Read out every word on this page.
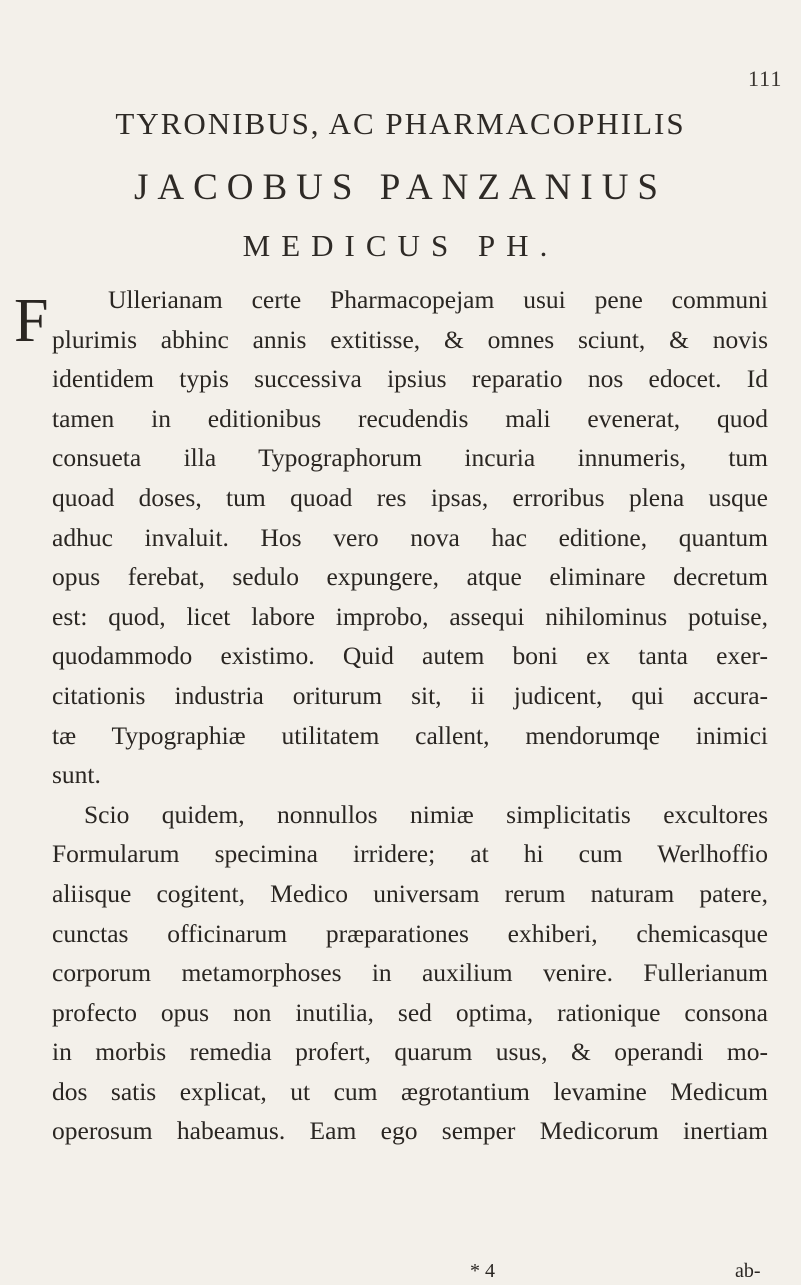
111
TYRONIBUS, AC PHARMACOPHILIS
JACOBUS PANZANIUS
MEDICUS PH.
F	Ullerianam certe Pharmacopejam usui pene communi
plurimis abhinc annis extitisse, & omnes sciunt, & novis
identidem typis successiva ipsius reparatio nos edocet. Id
tamen in editionibus recudendis mali evenerat, quod
consueta illa Typographorum incuria innumeris, tum
quoad doses, tum quoad res ipsas, erroribus plena usque
adhuc invaluit. Hos vero nova hac editione, quantum
opus ferebat, sedulo expungere, atque eliminare decretum
est: quod, licet labore improbo, assequi nihilominus potuise,
quodammodo existimo. Quid autem boni ex tanta exer-
citationis industria oriturum sit, ii judicent, qui accura-
tæ Typographiæ utilitatem callent, mendorumqe inimici
sunt.
Scio quidem, nonnullos nimiæ simplicitatis excultores
Formularum specimina irridere; at hi cum Werlhoffio
aliisque cogitent, Medico universam rerum naturam patere,
cunctas officinarum præparationes exhiberi, chemicasque
corporum metamorphoses in auxilium venire. Fullerianum
profecto opus non inutilia, sed optima, rationique consona
in morbis remedia profert, quarum usus, & operandi mo-
dos satis explicat, ut cum ægrotantium levamine Medicum
operosum habeamus. Eam ego semper Medicorum inertiam
* 4	ab-
